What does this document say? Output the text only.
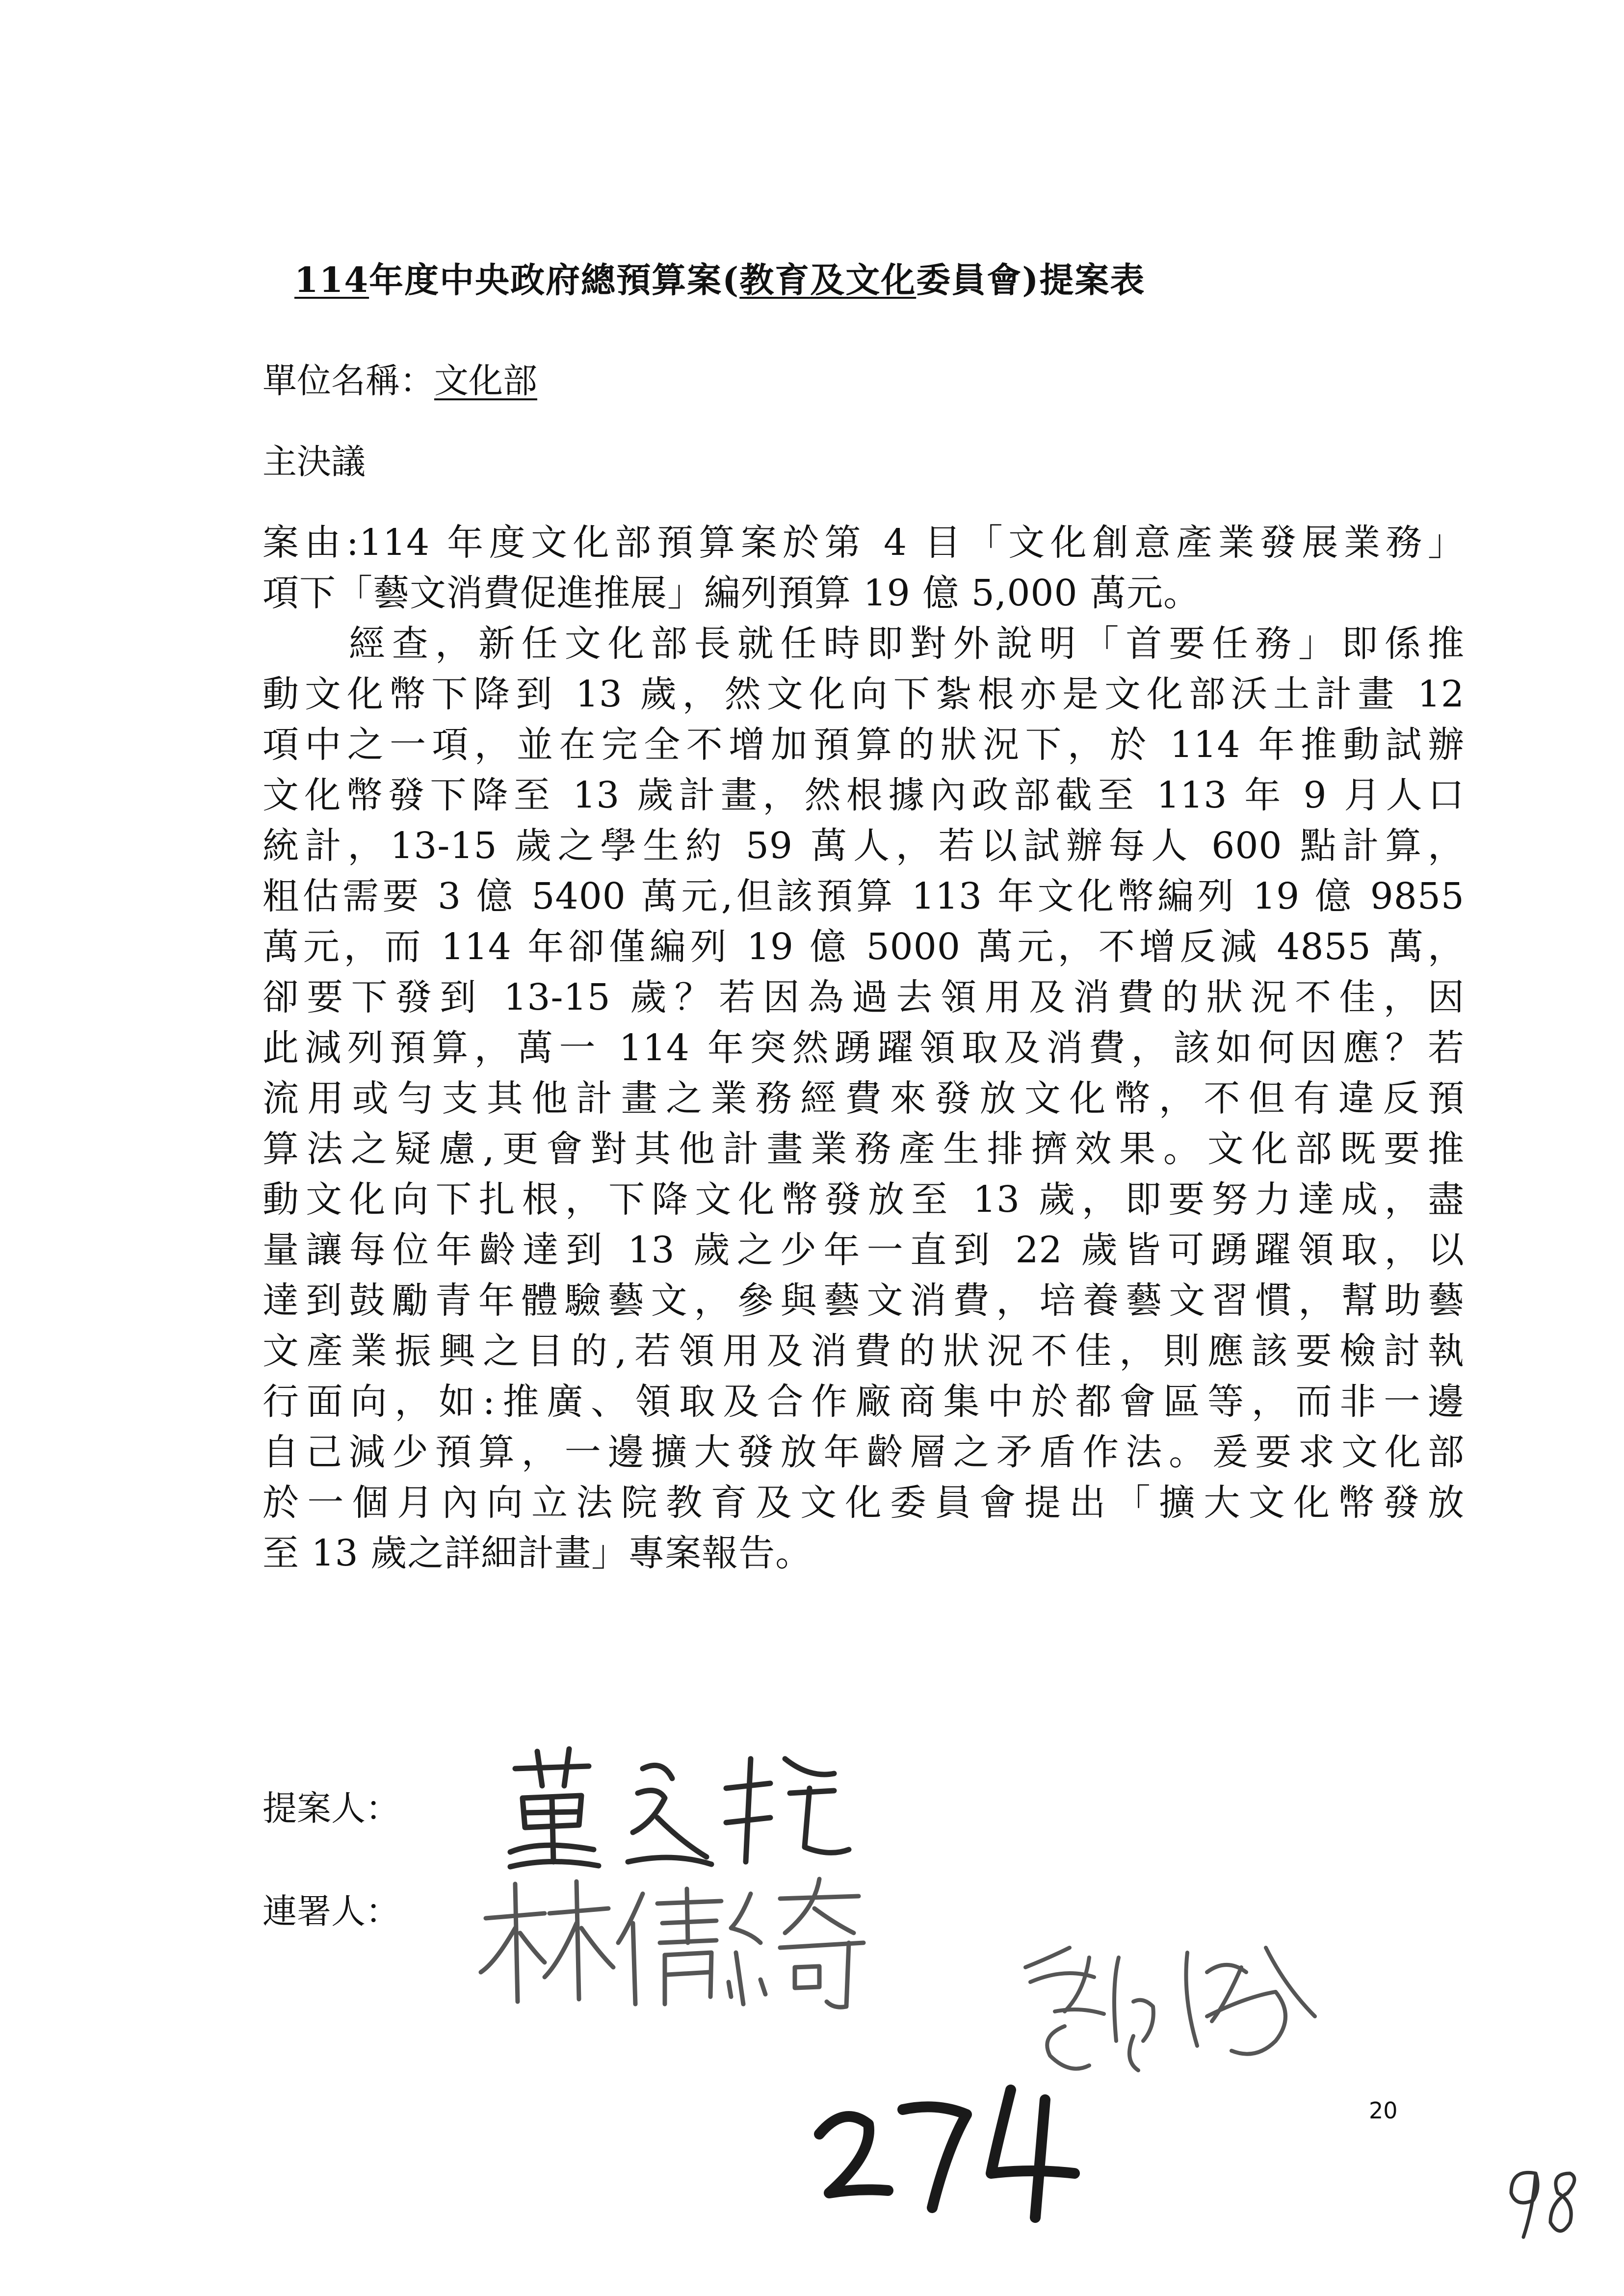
114年度中央政府總預算案(教育及文化委員會)提案表
單位名稱：文化部
主決議
案由:114 年度文化部預算案於第 4 目「文化創意產業發展業務」
項下「藝文消費促進推展」編列預算 19 億 5,000 萬元。
　　經查，新任文化部長就任時即對外說明「首要任務」即係推
動文化幣下降到 13 歲，然文化向下紮根亦是文化部沃土計畫 12
項中之一項，並在完全不增加預算的狀況下，於 114 年推動試辦
文化幣發下降至 13 歲計畫，然根據內政部截至 113 年 9 月人口
統計，13-15 歲之學生約 59 萬人，若以試辦每人 600 點計算，
粗估需要 3 億 5400 萬元,但該預算 113 年文化幣編列 19 億 9855
萬元，而 114 年卻僅編列 19 億 5000 萬元，不增反減 4855 萬，
卻要下發到 13-15 歲？若因為過去領用及消費的狀況不佳，因
此減列預算，萬一 114 年突然踴躍領取及消費，該如何因應？若
流用或勻支其他計畫之業務經費來發放文化幣，不但有違反預
算法之疑慮,更會對其他計畫業務產生排擠效果。文化部既要推
動文化向下扎根，下降文化幣發放至 13 歲，即要努力達成，盡
量讓每位年齡達到 13 歲之少年一直到 22 歲皆可踴躍領取，以
達到鼓勵青年體驗藝文，參與藝文消費，培養藝文習慣，幫助藝
文產業振興之目的,若領用及消費的狀況不佳，則應該要檢討執
行面向，如:推廣、領取及合作廠商集中於都會區等，而非一邊
自己減少預算，一邊擴大發放年齡層之矛盾作法。爰要求文化部
於一個月內向立法院教育及文化委員會提出「擴大文化幣發放
至 13 歲之詳細計畫」專案報告。
提案人：
連署人：
20
